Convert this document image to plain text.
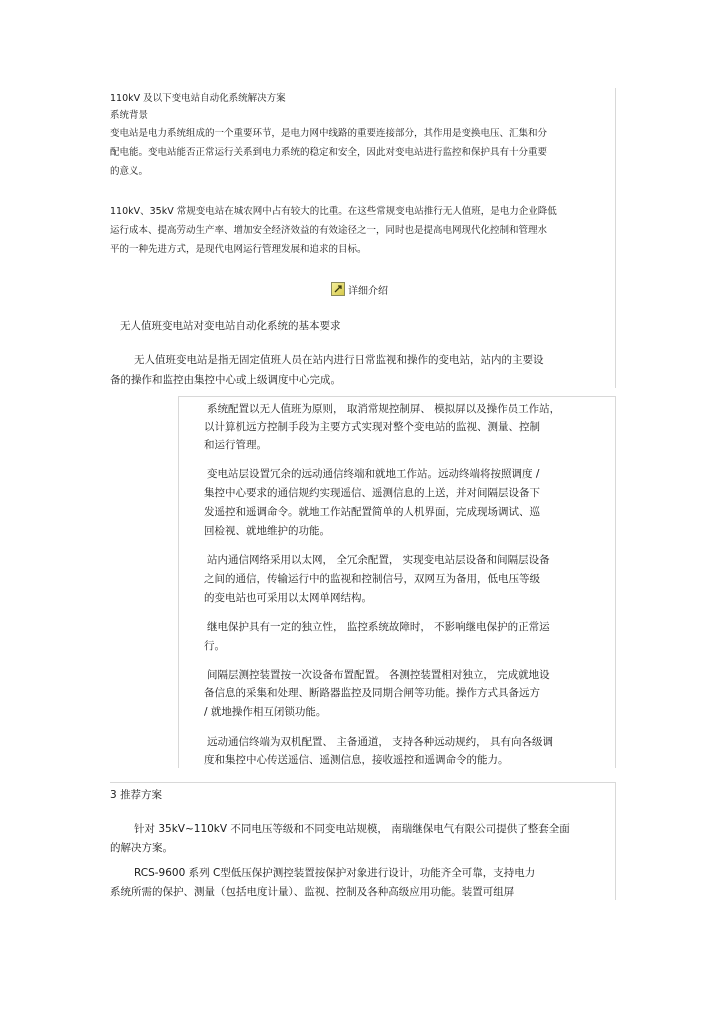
110kV 及以下变电站自动化系统解决方案
系统背景
变电站是电力系统组成的一个重要环节，是电力网中线路的重要连接部分，其作用是变换电压、汇集和分
配电能。变电站能否正常运行关系到电力系统的稳定和安全，因此对变电站进行监控和保护具有十分重要
的意义。
110kV、35kV 常规变电站在城农网中占有较大的比重。在这些常规变电站推行无人值班，是电力企业降低
运行成本、提高劳动生产率、增加安全经济效益的有效途径之一，同时也是提高电网现代化控制和管理水
平的一种先进方式，是现代电网运行管理发展和追求的目标。
详细介绍
无人值班变电站对变电站自动化系统的基本要求
无人值班变电站是指无固定值班人员在站内进行日常监视和操作的变电站，站内的主要设
备的操作和监控由集控中心或上级调度中心完成。
系统配置以无人值班为原则， 取消常规控制屏、 模拟屏以及操作员工作站，
以计算机远方控制手段为主要方式实现对整个变电站的监视、测量、控制
和运行管理。
变电站层设置冗余的远动通信终端和就地工作站。远动终端将按照调度 /
集控中心要求的通信规约实现遥信、遥测信息的上送，并对间隔层设备下
发遥控和遥调命令。就地工作站配置简单的人机界面，完成现场调试、巡
回检视、就地维护的功能。
站内通信网络采用以太网， 全冗余配置， 实现变电站层设备和间隔层设备
之间的通信，传输运行中的监视和控制信号，双网互为备用，低电压等级
的变电站也可采用以太网单网结构。
继电保护具有一定的独立性， 监控系统故障时， 不影响继电保护的正常运
行。
间隔层测控装置按一次设备布置配置。 各测控装置相对独立， 完成就地设
备信息的采集和处理、断路器监控及同期合闸等功能。操作方式具备远方
/ 就地操作相互闭锁功能。
远动通信终端为双机配置、 主备通道， 支持各种远动规约， 具有向各级调
度和集控中心传送遥信、遥测信息，接收遥控和遥调命令的能力。
3 推荐方案
针对 35kV~110kV 不同电压等级和不同变电站规模， 南瑞继保电气有限公司提供了整套全面
的解决方案。
RCS-9600 系列 C型低压保护测控装置按保护对象进行设计，功能齐全可靠，支持电力
系统所需的保护、测量（包括电度计量）、监视、控制及各种高级应用功能。装置可组屏
